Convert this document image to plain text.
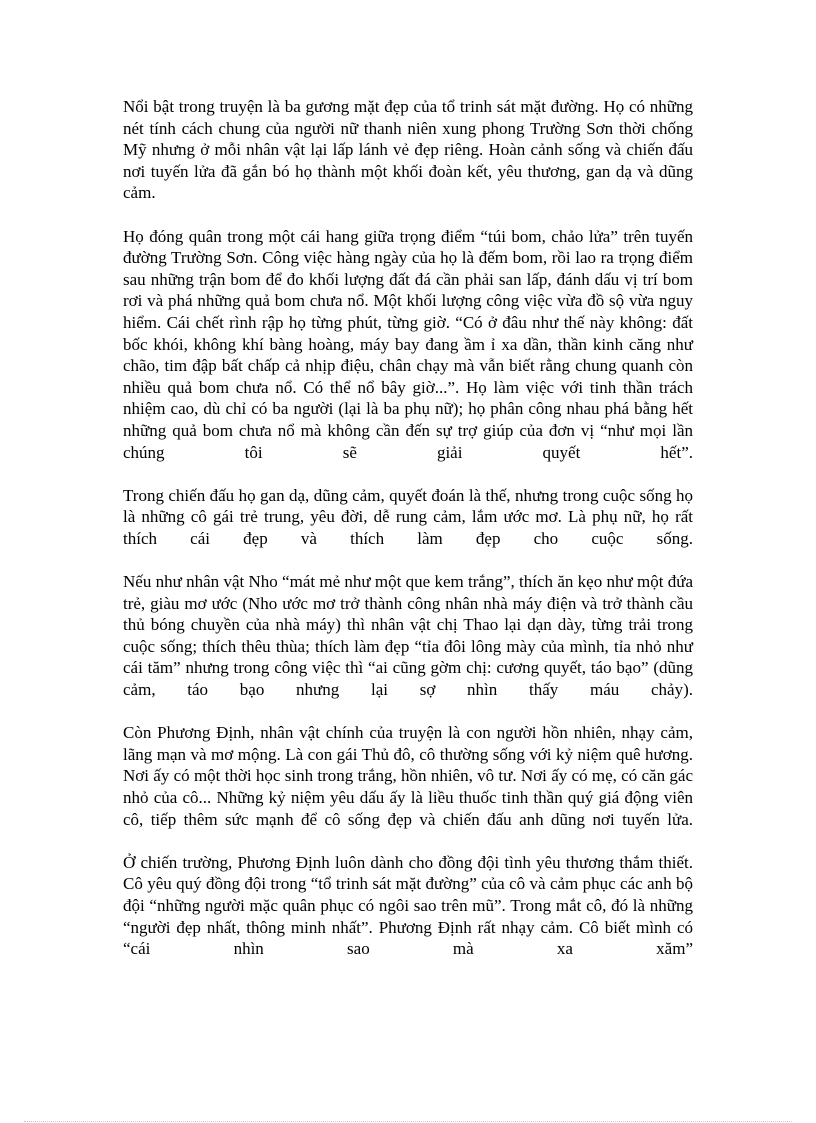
Nổi bật trong truyện là ba gương mặt đẹp của tổ trinh sát mặt đường. Họ có những nét tính cách chung của người nữ thanh niên xung phong Trường Sơn thời chống Mỹ nhưng ở mỗi nhân vật lại lấp lánh vẻ đẹp riêng. Hoàn cảnh sống và chiến đấu nơi tuyến lửa đã gắn bó họ thành một khối đoàn kết, yêu thương, gan dạ và dũng cảm.

Họ đóng quân trong một cái hang giữa trọng điểm “túi bom, chảo lửa” trên tuyến đường Trường Sơn. Công việc hàng ngày của họ là đếm bom, rồi lao ra trọng điểm sau những trận bom để đo khối lượng đất đá cần phải san lấp, đánh dấu vị trí bom rơi và phá những quả bom chưa nổ. Một khối lượng công việc vừa đồ sộ vừa nguy hiểm. Cái chết rình rập họ từng phút, từng giờ. “Có ở đâu như thế này không: đất bốc khói, không khí bàng hoàng, máy bay đang ầm ỉ xa dần, thần kinh căng như chão, tim đập bất chấp cả nhịp điệu, chân chạy mà vẫn biết rằng chung quanh còn nhiều quả bom chưa nổ. Có thể nổ bây giờ...”. Họ làm việc với tinh thần trách nhiệm cao, dù chỉ có ba người (lại là ba phụ nữ); họ phân công nhau phá bằng hết những quả bom chưa nổ mà không cần đến sự trợ giúp của đơn vị “như mọi lần chúng tôi sẽ giải quyết hết”.

Trong chiến đấu họ gan dạ, dũng cảm, quyết đoán là thế, nhưng trong cuộc sống họ là những cô gái trẻ trung, yêu đời, dễ rung cảm, lắm ước mơ. Là phụ nữ, họ rất thích cái đẹp và thích làm đẹp cho cuộc sống.

Nếu như nhân vật Nho “mát mẻ như một que kem trắng”, thích ăn kẹo như một đứa trẻ, giàu mơ ước (Nho ước mơ trở thành công nhân nhà máy điện và trở thành cầu thủ bóng chuyền của nhà máy) thì nhân vật chị Thao lại dạn dày, từng trải trong cuộc sống; thích thêu thùa; thích làm đẹp “tỉa đôi lông mày của mình, tỉa nhỏ như cái tăm” nhưng trong công việc thì “ai cũng gờm chị: cương quyết, táo bạo” (dũng cảm, táo bạo nhưng lại sợ nhìn thấy máu chảy).

Còn Phương Định, nhân vật chính của truyện là con người hồn nhiên, nhạy cảm, lãng mạn và mơ mộng. Là con gái Thủ đô, cô thường sống với kỷ niệm quê hương. Nơi ấy có một thời học sinh trong trắng, hồn nhiên, vô tư. Nơi ấy có mẹ, có căn gác nhỏ của cô... Những kỷ niệm yêu dấu ấy là liều thuốc tinh thần quý giá động viên cô, tiếp thêm sức mạnh để cô sống đẹp và chiến đấu anh dũng nơi tuyến lửa.

Ở chiến trường, Phương Định luôn dành cho đồng đội tình yêu thương thắm thiết. Cô yêu quý đồng đội trong “tổ trinh sát mặt đường” của cô và cảm phục các anh bộ đội “những người mặc quân phục có ngôi sao trên mũ”. Trong mắt cô, đó là những “người đẹp nhất, thông minh nhất”. Phương Định rất nhạy cảm. Cô biết mình có “cái nhìn sao mà xa xăm”
